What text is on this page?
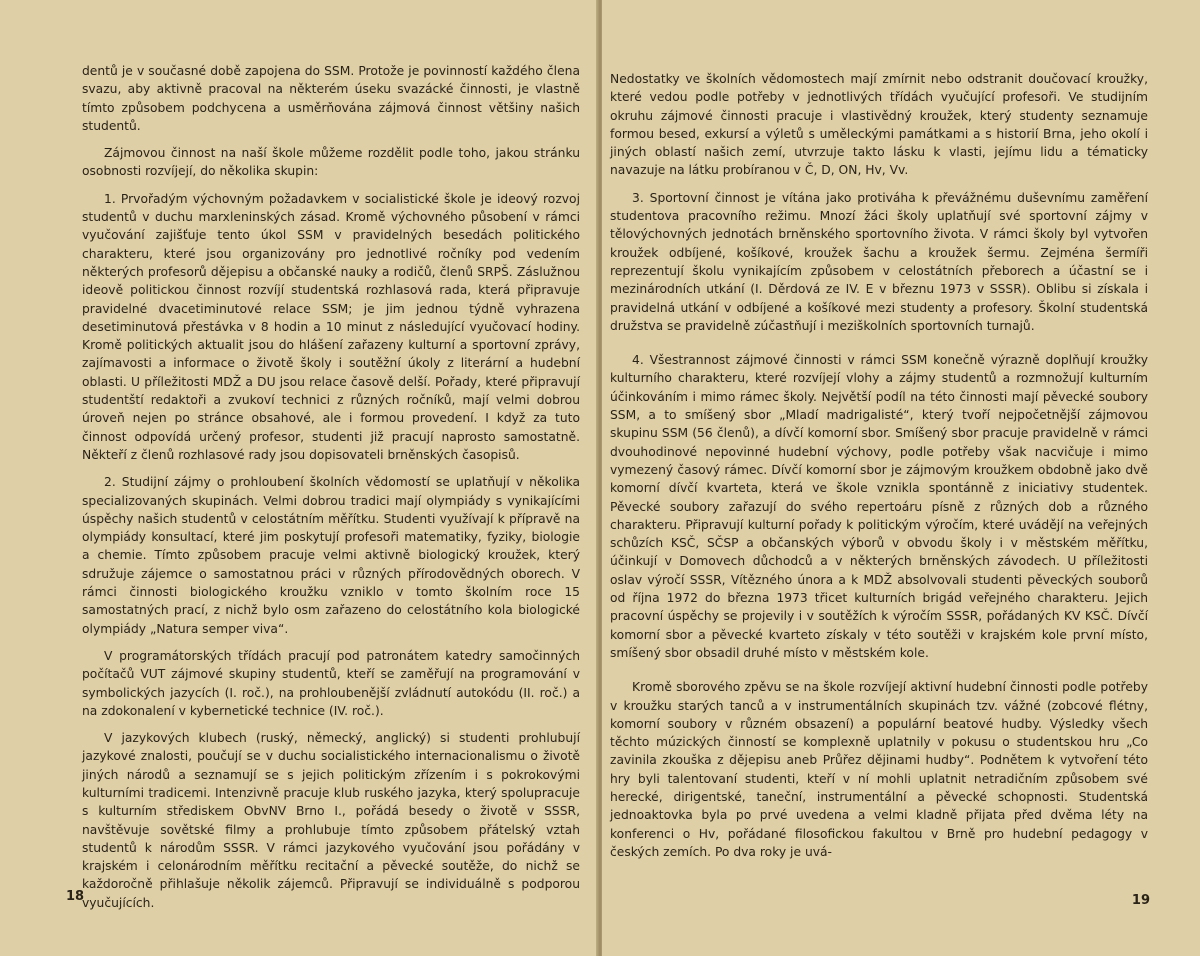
dentů je v současné době zapojena do SSM. Protože je povinností každého člena svazu, aby aktivně pracoval na některém úseku svazácké činnosti, je vlastně tímto způsobem podchycena a usměrňována zájmová činnost většiny našich studentů.

Zájmovou činnost na naší škole můžeme rozdělit podle toho, jakou stránku osobnosti rozvíjejí, do několika skupin:

1. Prvořadým výchovným požadavkem v socialistické škole je ideový rozvoj studentů v duchu marxleninských zásad. Kromě výchovného působení v rámci vyučování zajišťuje tento úkol SSM v pravidelných besedách politického charakteru, které jsou organizovány pro jednotlivé ročníky pod vedením některých profesorů dějepisu a občanské nauky a rodičů, členů SRPŠ. Záslužnou ideově politickou činnost rozvíjí studentská rozhlasová rada, která připravuje pravidelné dvacetiminutové relace SSM; je jim jednou týdně vyhrazena desetiminutová přestávka v 8 hodin a 10 minut z následující vyučovací hodiny. Kromě politických aktualit jsou do hlášení zařazeny kulturní a sportovní zprávy, zajímavosti a informace o životě školy i soutěžní úkoly z literární a hudební oblasti. U příležitosti MDŽ a DU jsou relace časově delší. Pořady, které připravují studentští redaktoři a zvukoví technici z různých ročníků, mají velmi dobrou úroveň nejen po stránce obsahové, ale i formou provedení. I když za tuto činnost odpovídá určený profesor, studenti již pracují naprosto samostatně. Někteří z členů rozhlasové rady jsou dopisovateli brněnských časopisů.

2. Studijní zájmy o prohloubení školních vědomostí se uplatňují v několika specializovaných skupinách. Velmi dobrou tradici mají olympiády s vynikajícími úspěchy našich studentů v celostátním měřítku. Studenti využívají k přípravě na olympiády konsultací, které jim poskytují profesoři matematiky, fyziky, biologie a chemie. Tímto způsobem pracuje velmi aktivně biologický kroužek, který sdružuje zájemce o samostatnou práci v různých přírodovědných oborech. V rámci činnosti biologického kroužku vzniklo v tomto školním roce 15 samostatných prací, z nichž bylo osm zařazeno do celostátního kola biologické olympiády „Natura semper viva“.

V programátorských třídách pracují pod patronátem katedry samočinných počítačů VUT zájmové skupiny studentů, kteří se zaměřují na programování v symbolických jazycích (I. roč.), na prohloubenější zvládnutí autokódu (II. roč.) a na zdokonalení v kybernetické technice (IV. roč.).

V jazykových klubech (ruský, německý, anglický) si studenti prohlubují jazykové znalosti, poučují se v duchu socialistického internacionalismu o životě jiných národů a seznamují se s jejich politickým zřízením i s pokrokovými kulturními tradicemi. Intenzivně pracuje klub ruského jazyka, který spolupracuje s kulturním střediskem ObvNV Brno I., pořádá besedy o životě v SSSR, navštěvuje sovětské filmy a prohlubuje tímto způsobem přátelský vztah studentů k národům SSSR. V rámci jazykového vyučování jsou pořádány v krajském i celonárodním měřítku recitační a pěvecké soutěže, do nichž se každoročně přihlašuje několik zájemců. Připravují se individuálně s podporou vyučujících.

18

Nedostatky ve školních vědomostech mají zmírnit nebo odstranit doučovací kroužky, které vedou podle potřeby v jednotlivých třídách vyučující profesoři. Ve studijním okruhu zájmové činnosti pracuje i vlastivědný kroužek, který studenty seznamuje formou besed, exkursí a výletů s uměleckými památkami a s historií Brna, jeho okolí i jiných oblastí našich zemí, utvrzuje takto lásku k vlasti, jejímu lidu a tématicky navazuje na látku probíranou v Č, D, ON, Hv, Vv.

3. Sportovní činnost je vítána jako protiváha k převážnému duševnímu zaměření studentova pracovního režimu. Mnozí žáci školy uplatňují své sportovní zájmy v tělovýchovných jednotách brněnského sportovního života. V rámci školy byl vytvořen kroužek odbíjené, košíkové, kroužek šachu a kroužek šermu. Zejména šermíři reprezentují školu vynikajícím způsobem v celostátních přeborech a účastní se i mezinárodních utkání (I. Děrdová ze IV. E v březnu 1973 v SSSR). Oblibu si získala i pravidelná utkání v odbíjené a košíkové mezi studenty a profesory. Školní studentská družstva se pravidelně zúčastňují i meziškolních sportovních turnajů.

4. Všestrannost zájmové činnosti v rámci SSM konečně výrazně doplňují kroužky kulturního charakteru, které rozvíjejí vlohy a zájmy studentů a rozmnožují kulturním účinkováním i mimo rámec školy. Největší podíl na této činnosti mají pěvecké soubory SSM, a to smíšený sbor „Mladí madrigalisté“, který tvoří nejpočetnější zájmovou skupinu SSM (56 členů), a dívčí komorní sbor. Smíšený sbor pracuje pravidelně v rámci dvouhodinové nepovinné hudební výchovy, podle potřeby však nacvičuje i mimo vymezený časový rámec. Dívčí komorní sbor je zájmovým kroužkem obdobně jako dvě komorní dívčí kvarteta, která ve škole vznikla spontánně z iniciativy studentek. Pěvecké soubory zařazují do svého repertoáru písně z různých dob a různého charakteru. Připravují kulturní pořady k politickým výročím, které uvádějí na veřejných schůzích KSČ, SČSP a občanských výborů v obvodu školy i v městském měřítku, účinkují v Domovech důchodců a v některých brněnských závodech. U příležitosti oslav výročí SSSR, Vítězného února a k MDŽ absolvovali studenti pěveckých souborů od října 1972 do března 1973 třicet kulturních brigád veřejného charakteru. Jejich pracovní úspěchy se projevily i v soutěžích k výročím SSSR, pořádaných KV KSČ. Dívčí komorní sbor a pěvecké kvarteto získaly v této soutěži v krajském kole první místo, smíšený sbor obsadil druhé místo v městském kole.

Kromě sborového zpěvu se na škole rozvíjejí aktivní hudební činnosti podle potřeby v kroužku starých tanců a v instrumentálních skupinách tzv. vážné (zobcové flétny, komorní soubory v různém obsazení) a populární beatové hudby. Výsledky všech těchto múzických činností se komplexně uplatnily v pokusu o studentskou hru „Co zavinila zkouška z dějepisu aneb Průřez dějinami hudby“. Podnětem k vytvoření této hry byli talentovaní studenti, kteří v ní mohli uplatnit netradičním způsobem své herecké, dirigentské, taneční, instrumentální a pěvecké schopnosti. Studentská jednoaktovka byla po prvé uvedena a velmi kladně přijata před dvěma léty na konferenci o Hv, pořádané filosofickou fakultou v Brně pro hudební pedagogy v českých zemích. Po dva roky je uvá-

19
